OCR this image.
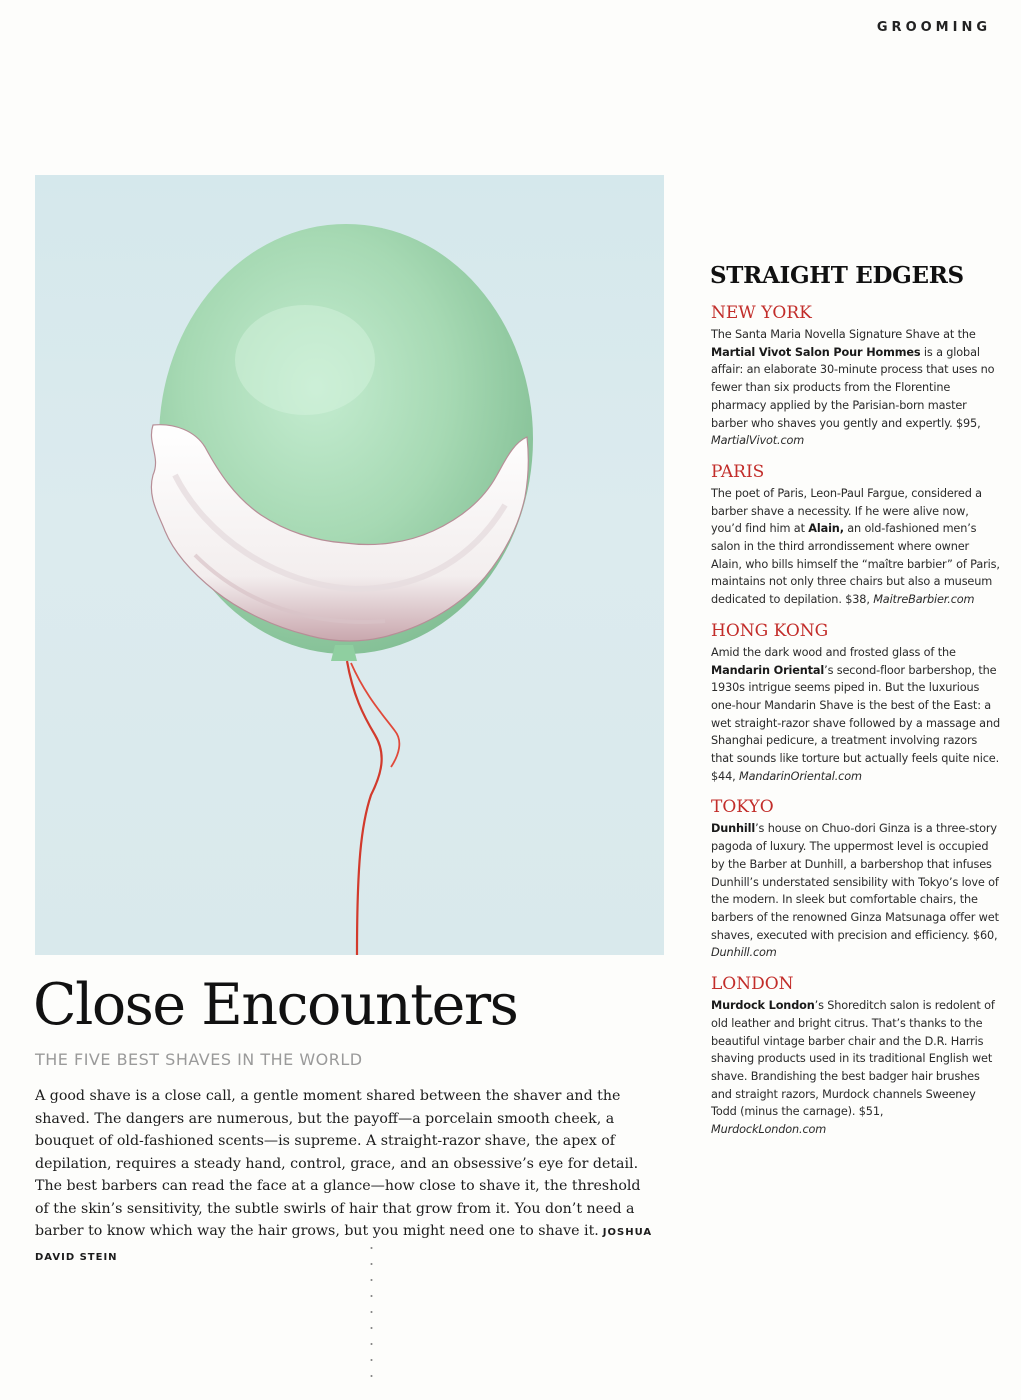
GROOMING
Close Encounters
THE FIVE BEST SHAVES IN THE WORLD

A good shave is a close call, a gentle moment shared between the shaver and the shaved. The dangers are numerous, but the payoff—a porcelain smooth cheek, a bouquet of old-fashioned scents—is supreme. A straight-razor shave, the apex of depilation, requires a steady hand, control, grace, and an obsessive’s eye for detail. The best barbers can read the face at a glance—how close to shave it, the threshold of the skin’s sensitivity, the subtle swirls of hair that grow from it. You don’t need a barber to know which way the hair grows, but you might need one to shave it. JOSHUA DAVID STEIN

STRAIGHT EDGERS
NEW YORK

The Santa Maria Novella Signature Shave at the Martial Vivot Salon Pour Hommes is a global affair: an elaborate 30-minute process that uses no fewer than six products from the Florentine pharmacy applied by the Parisian-born master barber who shaves you gently and expertly. $95, MartialVivot.com

PARIS

The poet of Paris, Leon-Paul Fargue, considered a barber shave a necessity. If he were alive now, you’d find him at Alain, an old-fashioned men’s salon in the third arrondissement where owner Alain, who bills himself the “maître barbier” of Paris, maintains not only three chairs but also a museum dedicated to depilation. $38, MaitreBarbier.com

HONG KONG

Amid the dark wood and frosted glass of the Mandarin Oriental’s second-floor barbershop, the 1930s intrigue seems piped in. But the luxurious one-hour Mandarin Shave is the best of the East: a wet straight-razor shave followed by a massage and Shanghai pedicure, a treatment involving razors that sounds like torture but actually feels quite nice. $44, MandarinOriental.com

TOKYO

Dunhill’s house on Chuo-dori Ginza is a three-story pagoda of luxury. The uppermost level is occupied by the Barber at Dunhill, a barbershop that infuses Dunhill’s understated sensibility with Tokyo’s love of the modern. In sleek but comfortable chairs, the barbers of the renowned Ginza Matsunaga offer wet shaves, executed with precision and efficiency. $60, Dunhill.com

LONDON

Murdock London’s Shoreditch salon is redolent of old leather and bright citrus. That’s thanks to the beautiful vintage barber chair and the D.R. Harris shaving products used in its traditional English wet shave. Brandishing the best badger hair brushes and straight razors, Murdock channels Sweeney Todd (minus the carnage). $51, MurdockLondon.com
